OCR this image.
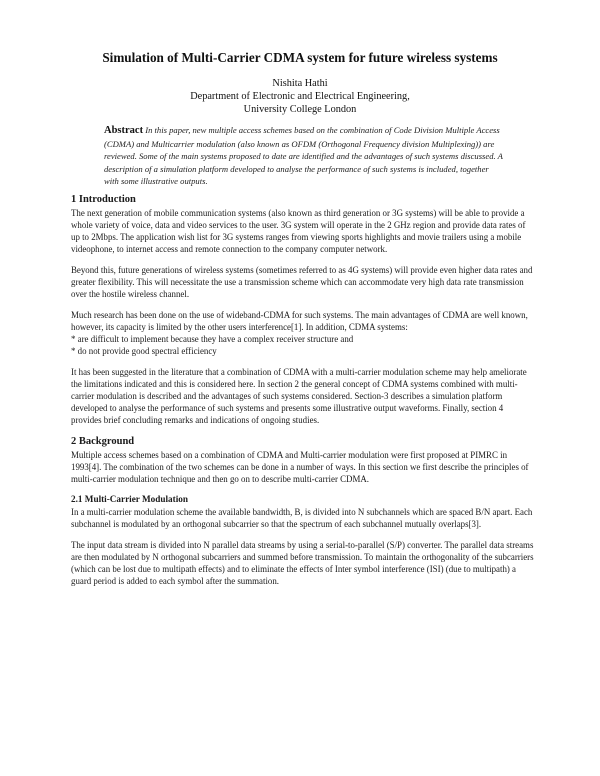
Simulation of Multi-Carrier CDMA system for future wireless systems
Nishita Hathi
Department of Electronic and Electrical Engineering,
University College London
Abstract In this paper, new multiple access schemes based on the combination of Code Division Multiple Access (CDMA) and Multicarrier modulation (also known as OFDM (Orthogonal Frequency division Multiplexing)) are reviewed. Some of the main systems proposed to date are identified and the advantages of such systems discussed. A description of a simulation platform developed to analyse the performance of such systems is included, together with some illustrative outputs.
1 Introduction

The next generation of mobile communication systems (also known as third generation or 3G systems) will be able to provide a whole variety of voice, data and video services to the user. 3G system will operate in the 2 GHz region and provide data rates of up to 2Mbps. The application wish list for 3G systems ranges from viewing sports highlights and movie trailers using a mobile videophone, to internet access and remote connection to the company computer network.

Beyond this, future generations of wireless systems (sometimes referred to as 4G systems) will provide even higher data rates and greater flexibility. This will necessitate the use a transmission scheme which can accommodate very high data rate transmission over the hostile wireless channel.

Much research has been done on the use of wideband-CDMA for such systems. The main advantages of CDMA are well known, however, its capacity is limited by the other users interference[1]. In addition, CDMA systems:
* are difficult to implement because they have a complex receiver structure and
* do not provide good spectral efficiency

It has been suggested in the literature that a combination of CDMA with a multi-carrier modulation scheme may help ameliorate the limitations indicated and this is considered here. In section 2 the general concept of CDMA systems combined with multi-carrier modulation is described and the advantages of such systems considered. Section-3 describes a simulation platform developed to analyse the performance of such systems and presents some illustrative output waveforms. Finally, section 4 provides brief concluding remarks and indications of ongoing studies.

2 Background

Multiple access schemes based on a combination of CDMA and Multi-carrier modulation were first proposed at PIMRC in 1993[4]. The combination of the two schemes can be done in a number of ways. In this section we first describe the principles of multi-carrier modulation technique and then go on to describe multi-carrier CDMA.

2.1 Multi-Carrier Modulation

In a multi-carrier modulation scheme the available bandwidth, B, is divided into N subchannels which are spaced B/N apart. Each subchannel is modulated by an orthogonal subcarrier so that the spectrum of each subchannel mutually overlaps[3].

The input data stream is divided into N parallel data streams by using a serial-to-parallel (S/P) converter. The parallel data streams are then modulated by N orthogonal subcarriers and summed before transmission. To maintain the orthogonality of the subcarriers (which can be lost due to multipath effects) and to eliminate the effects of Inter symbol interference (ISI) (due to multipath) a guard period is added to each symbol after the summation.
